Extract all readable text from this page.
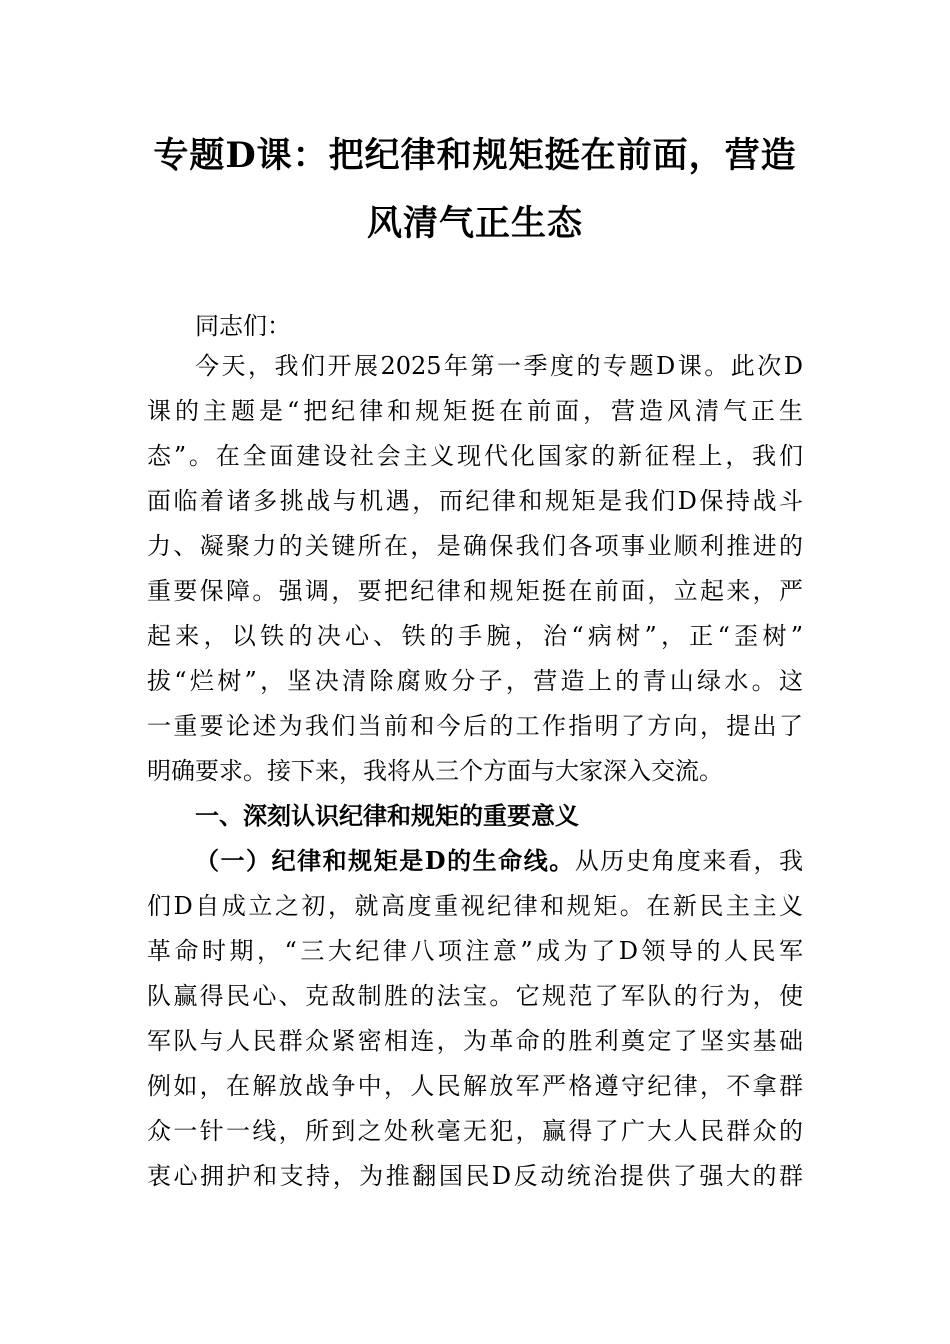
专题D课：把纪律和规矩挺在前面，营造
风清气正生态
同志们：
今天，我们开展2025年第一季度的专题D课。此次D
课的主题是“把纪律和规矩挺在前面，营造风清气正生
态”。在全面建设社会主义现代化国家的新征程上，我们
面临着诸多挑战与机遇，而纪律和规矩是我们D保持战斗
力、凝聚力的关键所在，是确保我们各项事业顺利推进的
重要保障。强调，要把纪律和规矩挺在前面，立起来，严
起来，以铁的决心、铁的手腕，治“病树”，正“歪树”
拔“烂树”，坚决清除腐败分子，营造上的青山绿水。这
一重要论述为我们当前和今后的工作指明了方向，提出了
明确要求。接下来，我将从三个方面与大家深入交流。
一、深刻认识纪律和规矩的重要意义
（一）纪律和规矩是D的生命线。从历史角度来看，我
们D自成立之初，就高度重视纪律和规矩。在新民主主义
革命时期，“三大纪律八项注意”成为了D领导的人民军
队赢得民心、克敌制胜的法宝。它规范了军队的行为，使
军队与人民群众紧密相连，为革命的胜利奠定了坚实基础
例如，在解放战争中，人民解放军严格遵守纪律，不拿群
众一针一线，所到之处秋毫无犯，赢得了广大人民群众的
衷心拥护和支持，为推翻国民D反动统治提供了强大的群
